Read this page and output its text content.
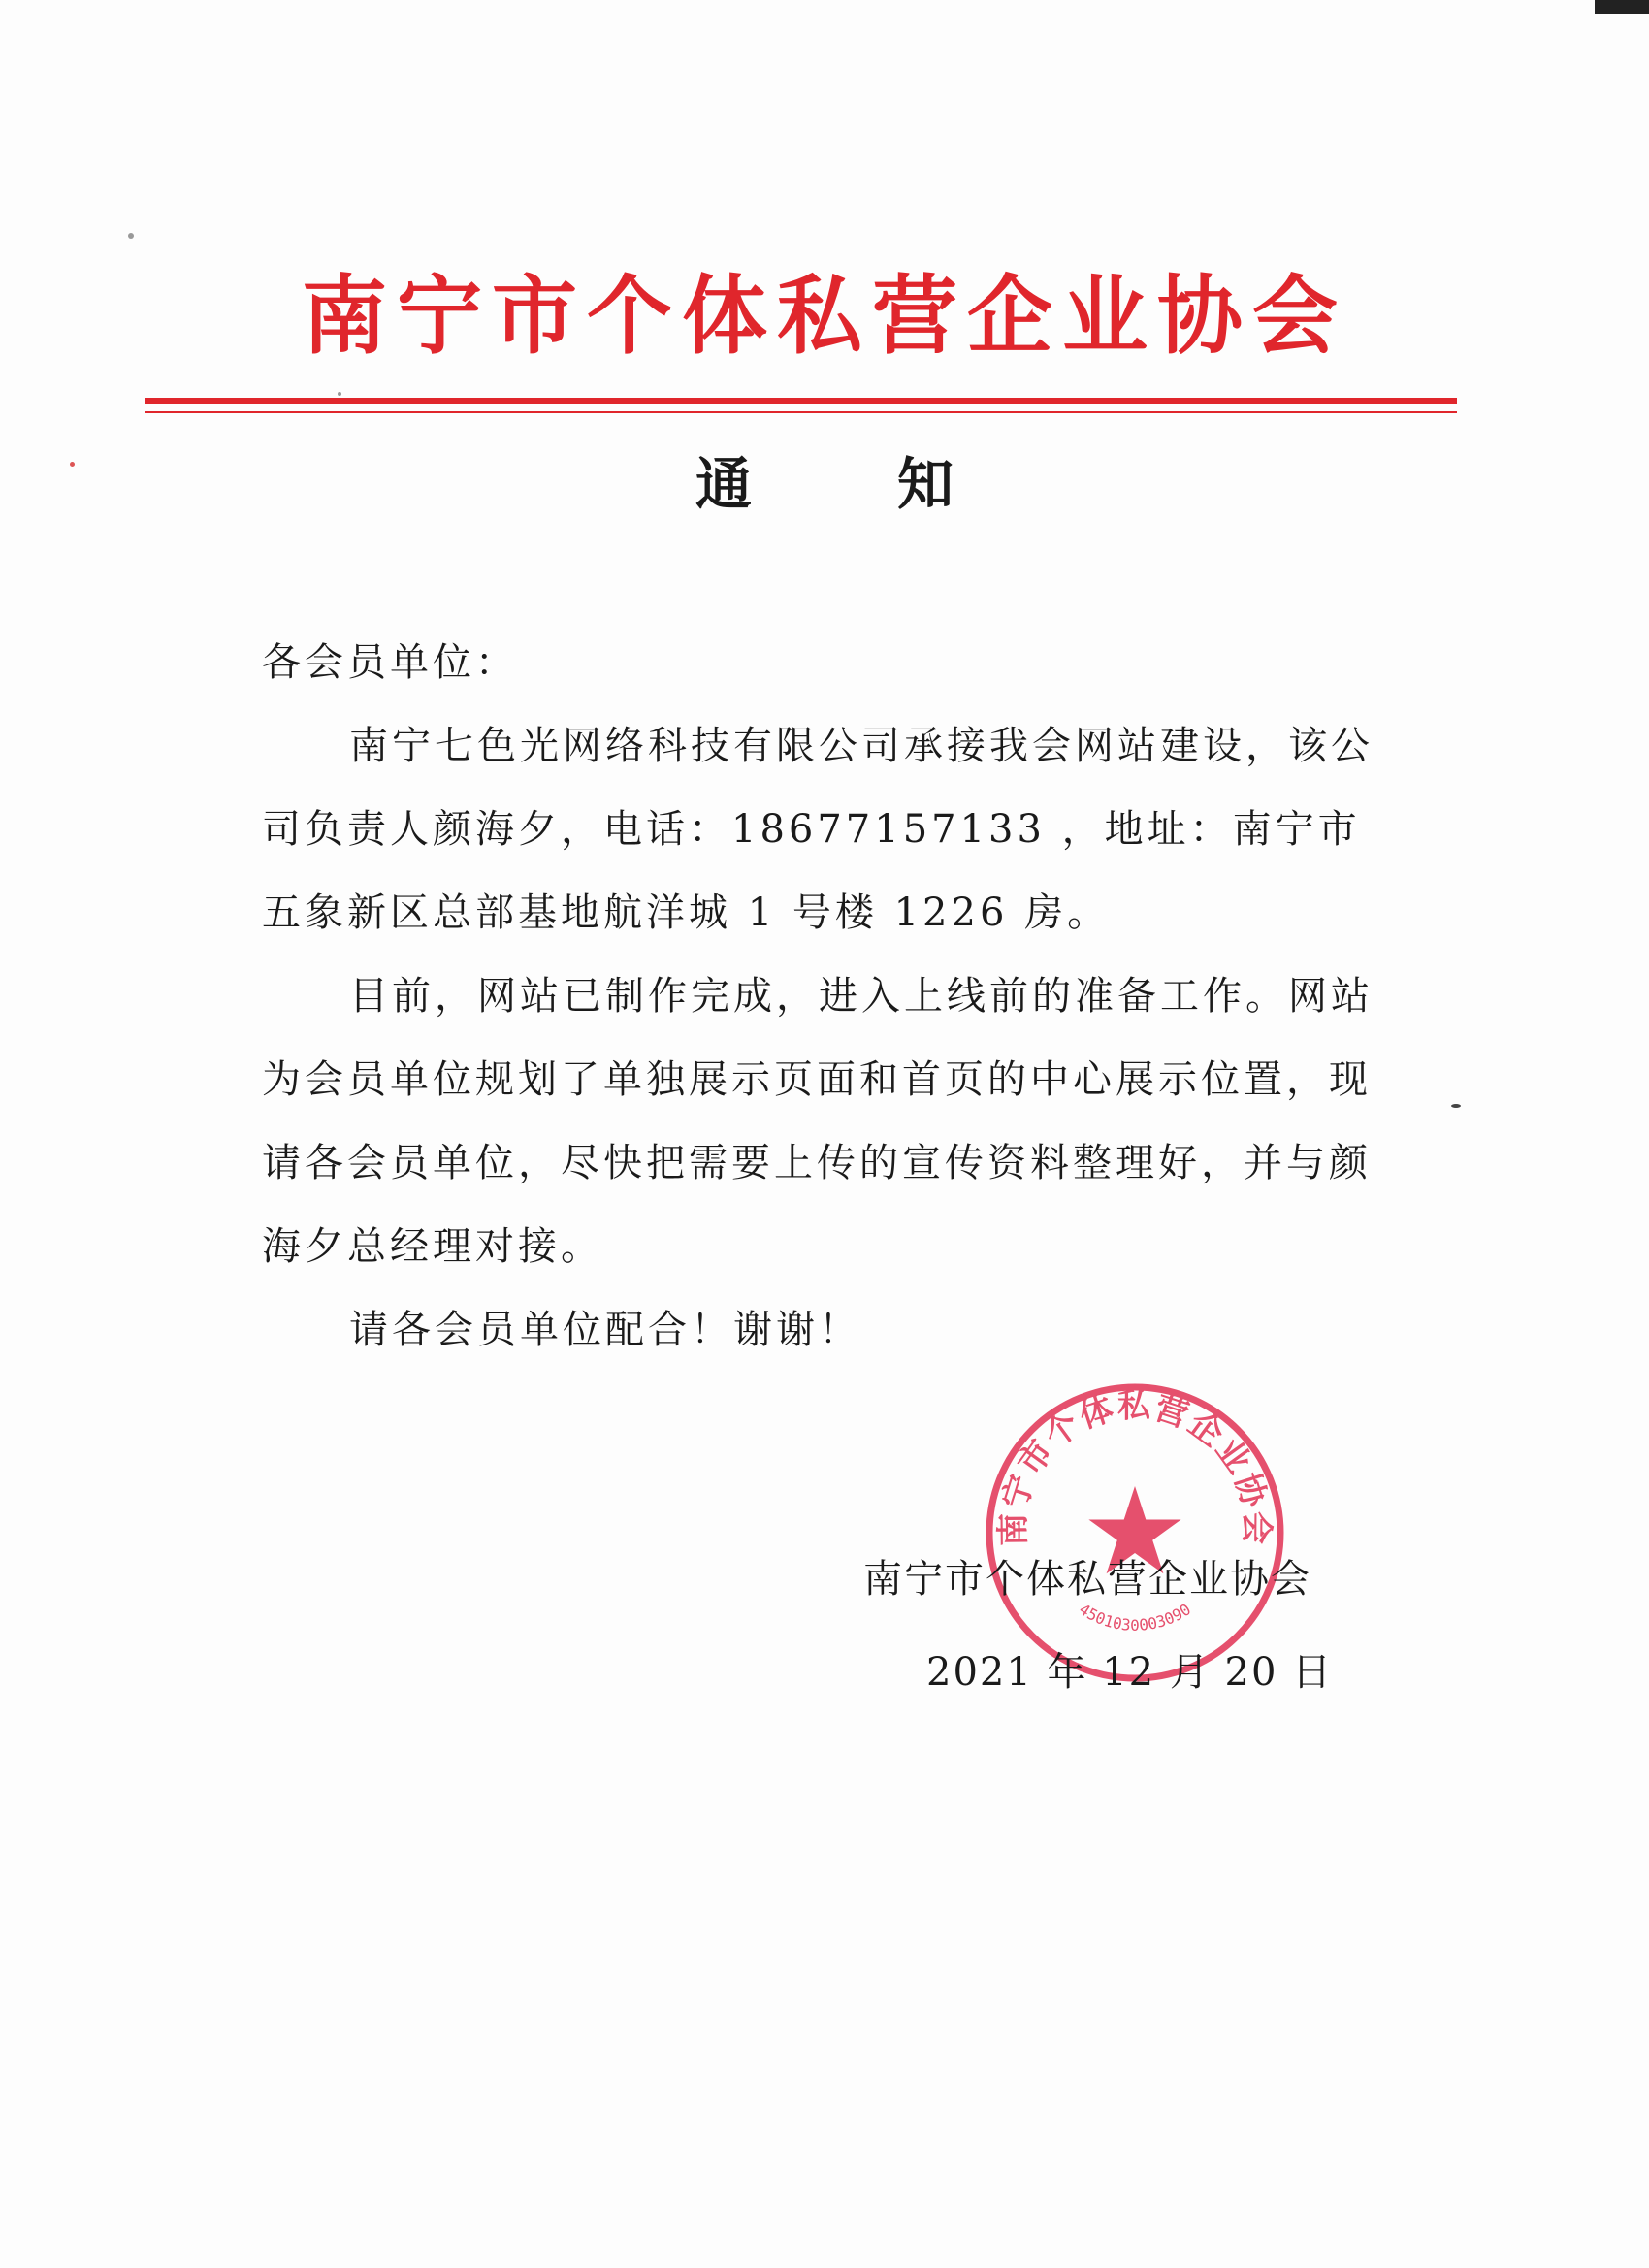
南宁市个体私营企业协会
通知
各会员单位：
南宁七色光网络科技有限公司承接我会网站建设，该公司负责人颜海夕，电话：18677157133 ，地址：南宁市五象新区总部基地航洋城 1 号楼 1226 房。
目前，网站已制作完成，进入上线前的准备工作。网站为会员单位规划了单独展示页面和首页的中心展示位置，现请各会员单位，尽快把需要上传的宣传资料整理好，并与颜海夕总经理对接。
请各会员单位配合！谢谢！
南宁市个体私营企业协会
4501030003090
南宁市个体私营企业协会
2021 年 12 月 20 日
